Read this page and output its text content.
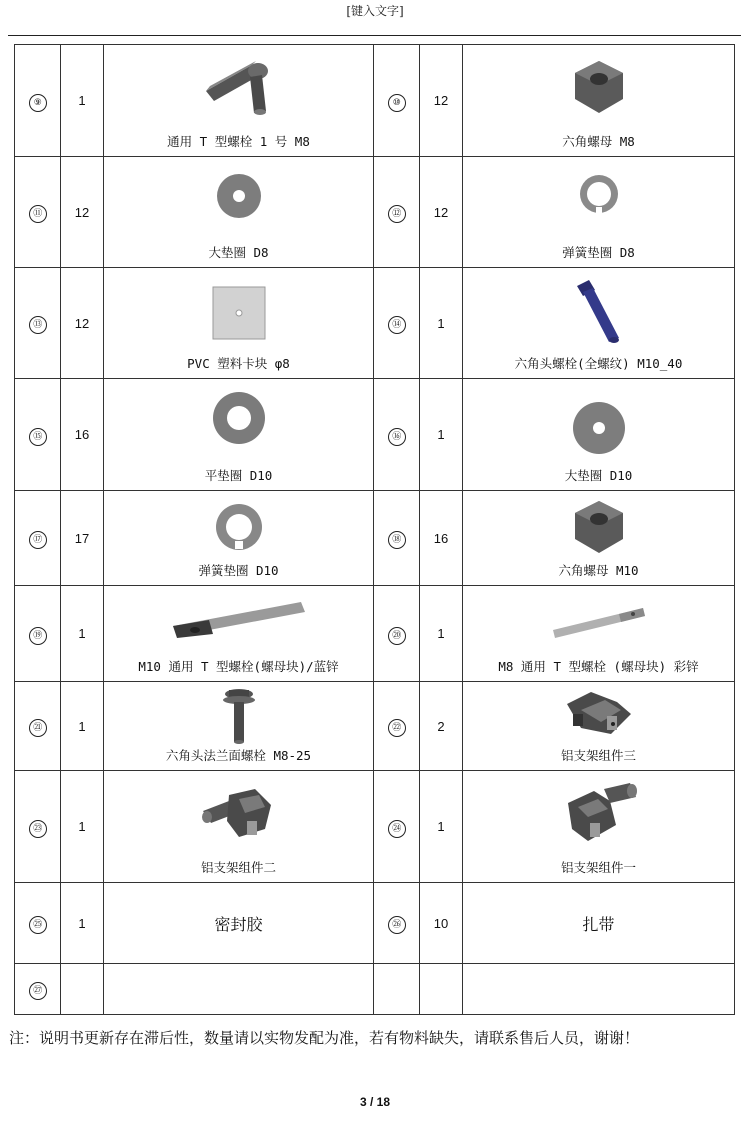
[键入文字]
⑨	1	通用 T 型螺栓 1 号 M8	⑩	12	六角螺母 M8

⑪	12	大垫圈 D8	⑫	12	弹簧垫圈 D8

⑬	12	PVC 塑料卡块 φ8	⑭	1	六角头螺栓(全螺纹) M10_40

⑮	16	平垫圈 D10	⑯	1	大垫圈 D10

⑰	17	弹簧垫圈 D10	⑱	16	六角螺母 M10

⑲	1	M10 通用 T 型螺栓(螺母块)/蓝锌	⑳	1	M8 通用 T 型螺栓 (螺母块) 彩锌

㉑	1	六角头法兰面螺栓 M8-25	㉒	2	铝支架组件三

㉓	1	铝支架组件二	㉔	1	铝支架组件一

㉕	1	密封胶	㉖	10	扎带
㉗					
注：说明书更新存在滞后性，数量请以实物发配为准，若有物料缺失，请联系售后人员，谢谢！
3 / 18
